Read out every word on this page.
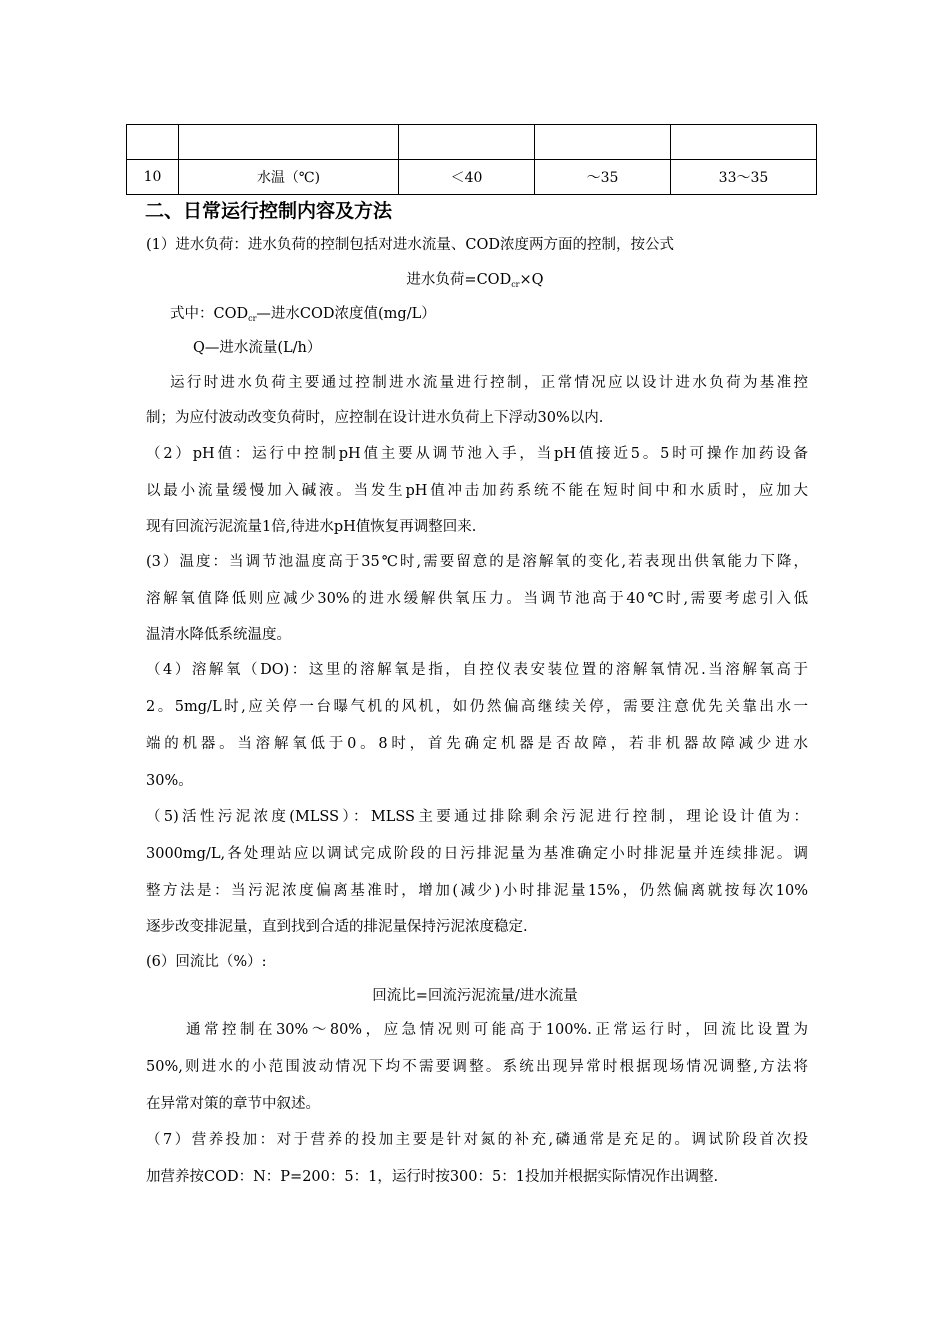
10	水温（℃)	＜40	～35	33～35
二、日常运行控制内容及方法
(1）进水负荷：进水负荷的控制包括对进水流量、COD浓度两方面的控制，按公式
进水负荷$=COD_{cr}\times Q$
式中：$COD_{cr}—$进水COD浓度值(mg/L）
Q—进水流量(L/h）
运行时进水负荷主要通过控制进水流量进行控制，正常情况应以设计进水负荷为基准控
制；为应付波动改变负荷时，应控制在设计进水负荷上下浮动30%以内.
（2）pH值：运行中控制pH值主要从调节池入手，当pH值接近5。5时可操作加药设备
以最小流量缓慢加入碱液。当发生pH值冲击加药系统不能在短时间中和水质时，应加大
现有回流污泥流量1倍,待进水pH值恢复再调整回来.
(3）温度：当调节池温度高于35℃时,需要留意的是溶解氧的变化,若表现出供氧能力下降，
溶解氧值降低则应减少30%的进水缓解供氧压力。当调节池高于40℃时,需要考虑引入低
温清水降低系统温度。
（4）溶解氧（DO)：这里的溶解氧是指，自控仪表安装位置的溶解氧情况.当溶解氧高于
2。5mg/L时,应关停一台曝气机的风机，如仍然偏高继续关停，需要注意优先关靠出水一
端的机器。当溶解氧低于0。8时，首先确定机器是否故障，若非机器故障减少进水
30%。
（5)活性污泥浓度(MLSS）：MLSS主要通过排除剩余污泥进行控制，理论设计值为：
3000mg/L,各处理站应以调试完成阶段的日污排泥量为基准确定小时排泥量并连续排泥。调
整方法是：当污泥浓度偏离基准时，增加(减少)小时排泥量15%，仍然偏离就按每次10%
逐步改变排泥量，直到找到合适的排泥量保持污泥浓度稳定.
(6）回流比（%）:
回流比=回流污泥流量/进水流量
通常控制在30%～80%，应急情况则可能高于100%.正常运行时，回流比设置为
50%,则进水的小范围波动情况下均不需要调整。系统出现异常时根据现场情况调整,方法将
在异常对策的章节中叙述。
（7）营养投加：对于营养的投加主要是针对氮的补充,磷通常是充足的。调试阶段首次投
加营养按COD：N：P=200：5：1，运行时按300：5：1投加并根据实际情况作出调整.
